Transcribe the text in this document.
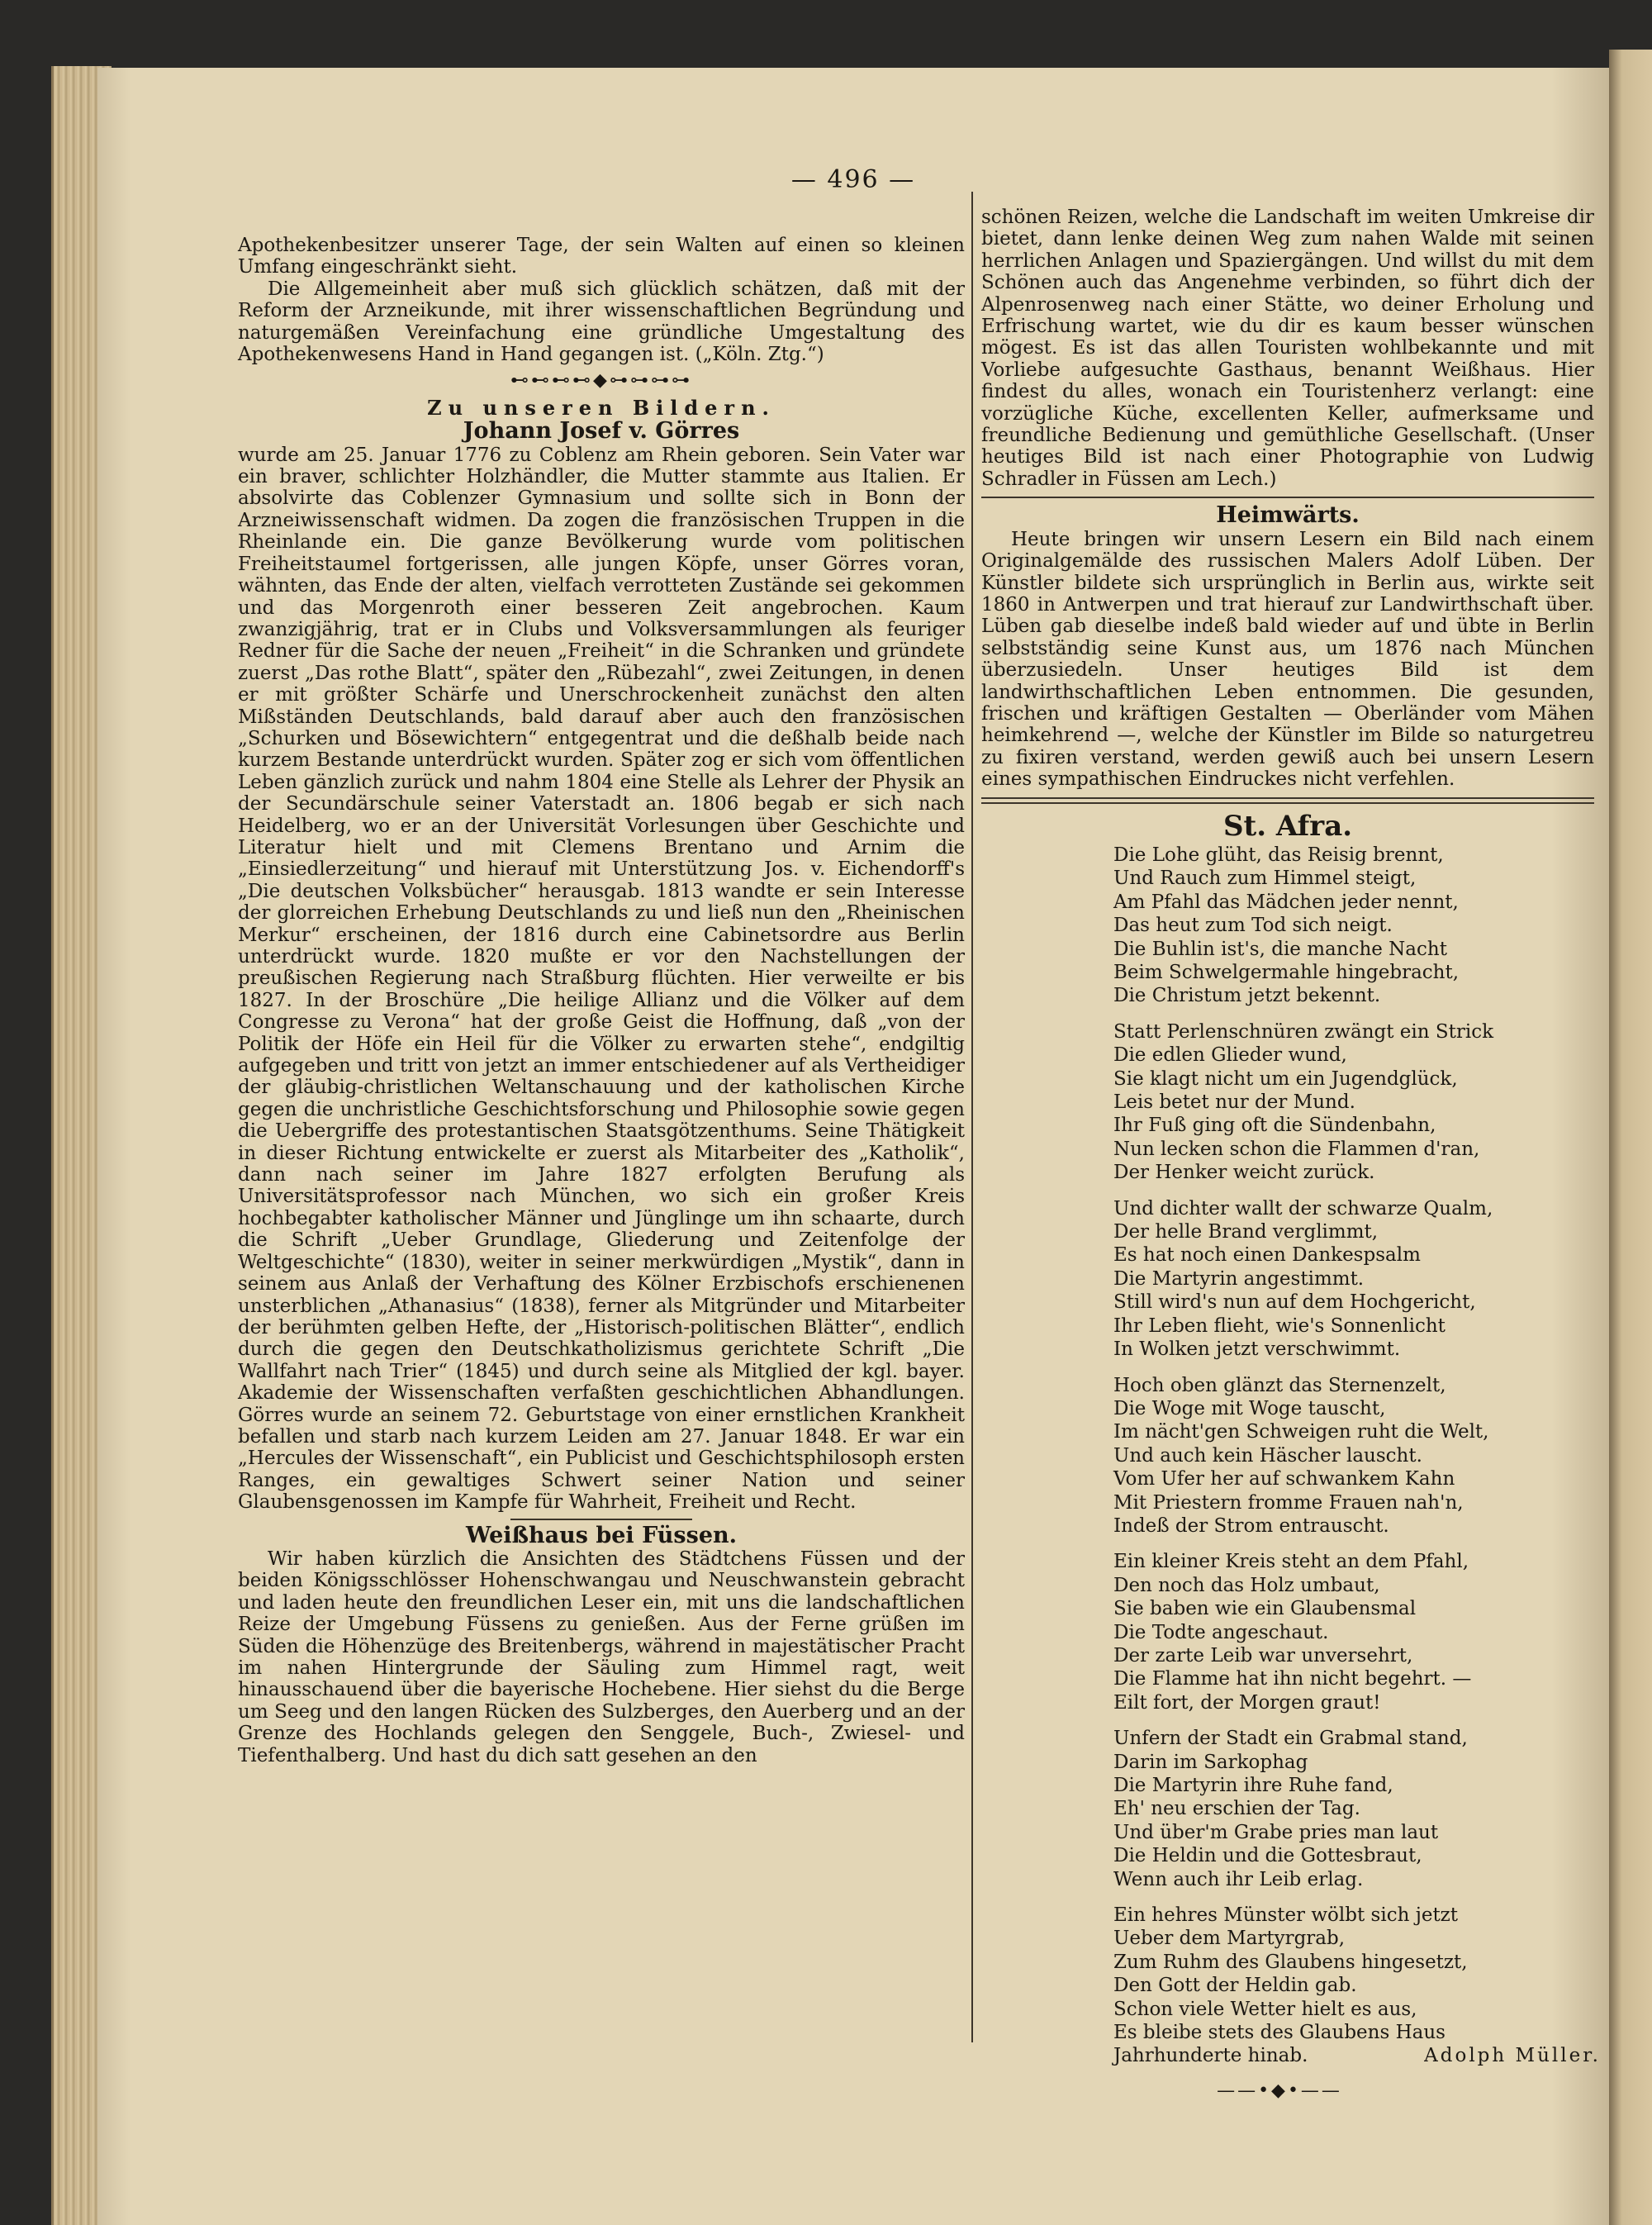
— 496 —

Apothekenbesitzer unserer Tage, der sein Walten auf einen so kleinen Umfang eingeschränkt sieht.

Die Allgemeinheit aber muß sich glücklich schätzen, daß mit der Reform der Arzneikunde, mit ihrer wissenschaftlichen Begründung und naturgemäßen Vereinfachung eine gründliche Umgestaltung des Apothekenwesens Hand in Hand gegangen ist. („Köln. Ztg.“)

⊷⊷⊷⊷◆⊶⊶⊶⊶
Zu unseren Bildern.
Johann Josef v. Görres

wurde am 25. Januar 1776 zu Coblenz am Rhein geboren. Sein Vater war ein braver, schlichter Holzhändler, die Mutter stammte aus Italien. Er absolvirte das Coblenzer Gymnasium und sollte sich in Bonn der Arzneiwissenschaft widmen. Da zogen die französischen Truppen in die Rheinlande ein. Die ganze Bevölkerung wurde vom politischen Freiheitstaumel fortgerissen, alle jungen Köpfe, unser Görres voran, wähnten, das Ende der alten, vielfach verrotteten Zustände sei gekommen und das Morgenroth einer besseren Zeit angebrochen. Kaum zwanzigjährig, trat er in Clubs und Volksversammlungen als feuriger Redner für die Sache der neuen „Freiheit“ in die Schranken und gründete zuerst „Das rothe Blatt“, später den „Rübezahl“, zwei Zeitungen, in denen er mit größter Schärfe und Unerschrockenheit zunächst den alten Mißständen Deutschlands, bald darauf aber auch den französischen „Schurken und Bösewichtern“ entgegentrat und die deßhalb beide nach kurzem Bestande unterdrückt wurden. Später zog er sich vom öffentlichen Leben gänzlich zurück und nahm 1804 eine Stelle als Lehrer der Physik an der Secundärschule seiner Vaterstadt an. 1806 begab er sich nach Heidelberg, wo er an der Universität Vorlesungen über Geschichte und Literatur hielt und mit Clemens Brentano und Arnim die „Einsiedlerzeitung“ und hierauf mit Unterstützung Jos. v. Eichendorff's „Die deutschen Volksbücher“ herausgab. 1813 wandte er sein Interesse der glorreichen Erhebung Deutschlands zu und ließ nun den „Rheinischen Merkur“ erscheinen, der 1816 durch eine Cabinetsordre aus Berlin unterdrückt wurde. 1820 mußte er vor den Nachstellungen der preußischen Regierung nach Straßburg flüchten. Hier verweilte er bis 1827. In der Broschüre „Die heilige Allianz und die Völker auf dem Congresse zu Verona“ hat der große Geist die Hoffnung, daß „von der Politik der Höfe ein Heil für die Völker zu erwarten stehe“, endgiltig aufgegeben und tritt von jetzt an immer entschiedener auf als Vertheidiger der gläubig-christlichen Weltanschauung und der katholischen Kirche gegen die unchristliche Geschichtsforschung und Philosophie sowie gegen die Uebergriffe des protestantischen Staatsgötzenthums. Seine Thätigkeit in dieser Richtung entwickelte er zuerst als Mitarbeiter des „Katholik“, dann nach seiner im Jahre 1827 erfolgten Berufung als Universitätsprofessor nach München, wo sich ein großer Kreis hochbegabter katholischer Männer und Jünglinge um ihn schaarte, durch die Schrift „Ueber Grundlage, Gliederung und Zeitenfolge der Weltgeschichte“ (1830), weiter in seiner merkwürdigen „Mystik“, dann in seinem aus Anlaß der Verhaftung des Kölner Erzbischofs erschienenen unsterblichen „Athanasius“ (1838), ferner als Mitgründer und Mitarbeiter der berühmten gelben Hefte, der „Historisch-politischen Blätter“, endlich durch die gegen den Deutschkatholizismus gerichtete Schrift „Die Wallfahrt nach Trier“ (1845) und durch seine als Mitglied der kgl. bayer. Akademie der Wissenschaften verfaßten geschichtlichen Abhandlungen. Görres wurde an seinem 72. Geburtstage von einer ernstlichen Krankheit befallen und starb nach kurzem Leiden am 27. Januar 1848. Er war ein „Hercules der Wissenschaft“, ein Publicist und Geschichtsphilosoph ersten Ranges, ein gewaltiges Schwert seiner Nation und seiner Glaubensgenossen im Kampfe für Wahrheit, Freiheit und Recht.

Weißhaus bei Füssen.

Wir haben kürzlich die Ansichten des Städtchens Füssen und der beiden Königsschlösser Hohenschwangau und Neuschwanstein gebracht und laden heute den freundlichen Leser ein, mit uns die landschaftlichen Reize der Umgebung Füssens zu genießen. Aus der Ferne grüßen im Süden die Höhenzüge des Breitenbergs, während in majestätischer Pracht im nahen Hintergrunde der Säuling zum Himmel ragt, weit hinausschauend über die bayerische Hochebene. Hier siehst du die Berge um Seeg und den langen Rücken des Sulzberges, den Auerberg und an der Grenze des Hochlands gelegen den Senggele, Buch-, Zwiesel- und Tiefenthalberg. Und hast du dich satt gesehen an den

schönen Reizen, welche die Landschaft im weiten Umkreise dir bietet, dann lenke deinen Weg zum nahen Walde mit seinen herrlichen Anlagen und Spaziergängen. Und willst du mit dem Schönen auch das Angenehme verbinden, so führt dich der Alpenrosenweg nach einer Stätte, wo deiner Erholung und Erfrischung wartet, wie du dir es kaum besser wünschen mögest. Es ist das allen Touristen wohlbekannte und mit Vorliebe aufgesuchte Gasthaus, benannt Weißhaus. Hier findest du alles, wonach ein Touristenherz verlangt: eine vorzügliche Küche, excellenten Keller, aufmerksame und freundliche Bedienung und gemüthliche Gesellschaft. (Unser heutiges Bild ist nach einer Photographie von Ludwig Schradler in Füssen am Lech.)

Heimwärts.

Heute bringen wir unsern Lesern ein Bild nach einem Originalgemälde des russischen Malers Adolf Lüben. Der Künstler bildete sich ursprünglich in Berlin aus, wirkte seit 1860 in Antwerpen und trat hierauf zur Landwirthschaft über. Lüben gab dieselbe indeß bald wieder auf und übte in Berlin selbstständig seine Kunst aus, um 1876 nach München überzusiedeln. Unser heutiges Bild ist dem landwirthschaftlichen Leben entnommen. Die gesunden, frischen und kräftigen Gestalten — Oberländer vom Mähen heimkehrend —, welche der Künstler im Bilde so naturgetreu zu fixiren verstand, werden gewiß auch bei unsern Lesern eines sympathischen Eindruckes nicht verfehlen.

St. Afra.
Die Lohe glüht, das Reisig brennt,
Und Rauch zum Himmel steigt,
Am Pfahl das Mädchen jeder nennt,
Das heut zum Tod sich neigt.
Die Buhlin ist's, die manche Nacht
Beim Schwelgermahle hingebracht,
Die Christum jetzt bekennt.
Statt Perlenschnüren zwängt ein Strick
Die edlen Glieder wund,
Sie klagt nicht um ein Jugendglück,
Leis betet nur der Mund.
Ihr Fuß ging oft die Sündenbahn,
Nun lecken schon die Flammen d'ran,
Der Henker weicht zurück.
Und dichter wallt der schwarze Qualm,
Der helle Brand verglimmt,
Es hat noch einen Dankespsalm
Die Martyrin angestimmt.
Still wird's nun auf dem Hochgericht,
Ihr Leben flieht, wie's Sonnenlicht
In Wolken jetzt verschwimmt.
Hoch oben glänzt das Sternenzelt,
Die Woge mit Woge tauscht,
Im nächt'gen Schweigen ruht die Welt,
Und auch kein Häscher lauscht.
Vom Ufer her auf schwankem Kahn
Mit Priestern fromme Frauen nah'n,
Indeß der Strom entrauscht.
Ein kleiner Kreis steht an dem Pfahl,
Den noch das Holz umbaut,
Sie baben wie ein Glaubensmal
Die Todte angeschaut.
Der zarte Leib war unversehrt,
Die Flamme hat ihn nicht begehrt. —
Eilt fort, der Morgen graut!
Unfern der Stadt ein Grabmal stand,
Darin im Sarkophag
Die Martyrin ihre Ruhe fand,
Eh' neu erschien der Tag.
Und über'm Grabe pries man laut
Die Heldin und die Gottesbraut,
Wenn auch ihr Leib erlag.
Ein hehres Münster wölbt sich jetzt
Ueber dem Martyrgrab,
Zum Ruhm des Glaubens hingesetzt,
Den Gott der Heldin gab.
Schon viele Wetter hielt es aus,
Es bleibe stets des Glaubens Haus
Jahrhunderte hinab.	Adolph Müller.
——•◆•——
